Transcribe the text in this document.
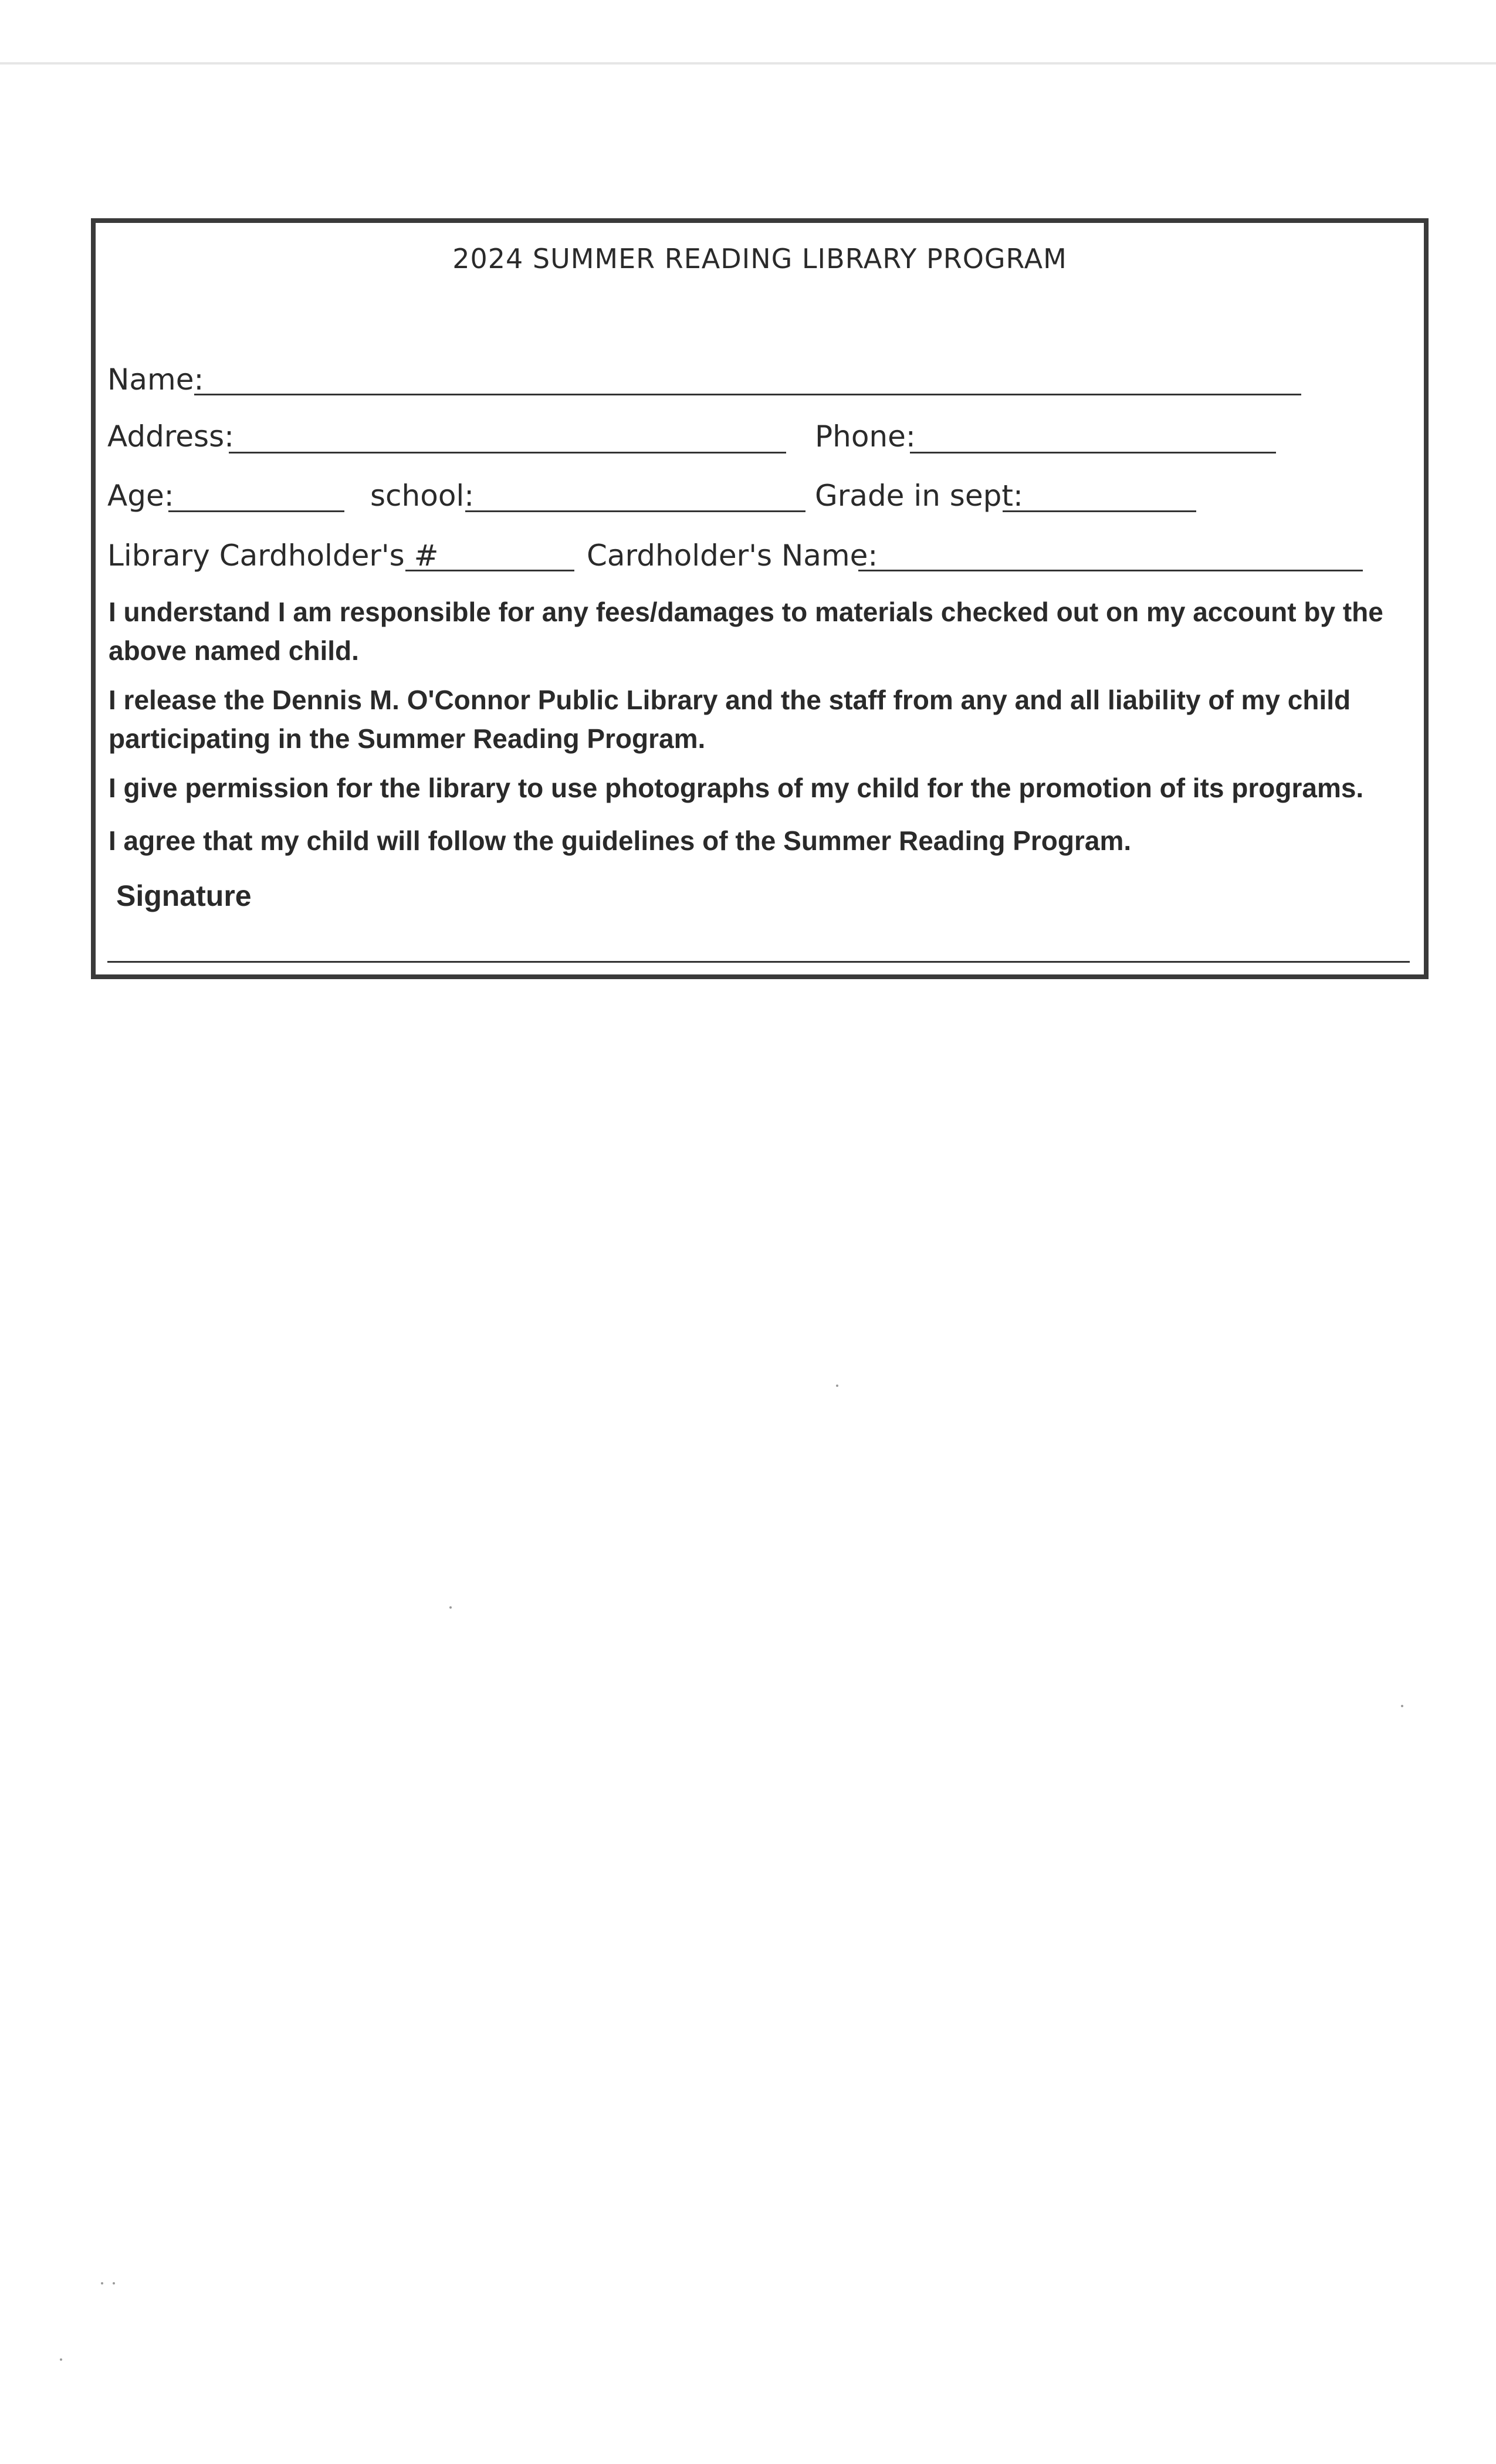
2024 SUMMER READING LIBRARY PROGRAM
Name:
Address:	Phone:
Age:	school:	Grade in sept:
Library Cardholder's #	Cardholder's Name:
I understand I am responsible for any fees/damages to materials checked out on my account by the above named child.
I release the Dennis M. O'Connor Public Library and the staff from any and all liability of my child participating in the Summer Reading Program.
I give permission for the library to use photographs of my child for the promotion of its programs.
I agree that my child will follow the guidelines of the Summer Reading Program.
Signature
